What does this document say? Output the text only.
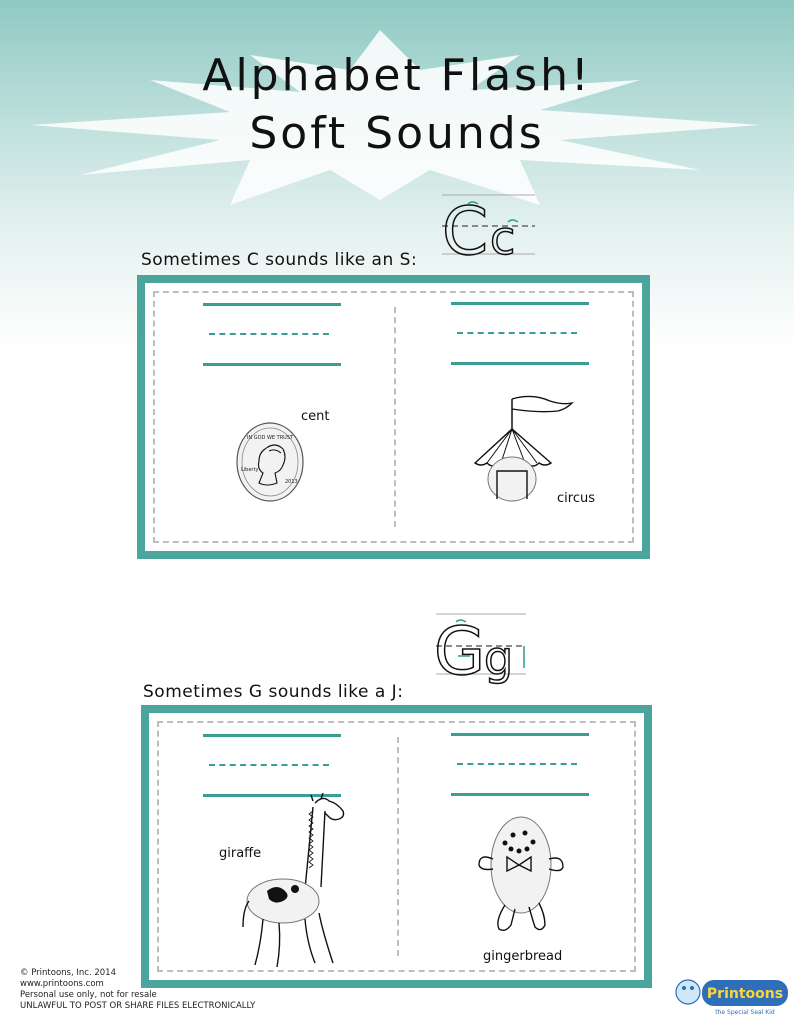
Alphabet Flash!
Soft Sounds
C c
Sometimes C sounds like an S:
cent
circus
IN GOD WE TRUST
Liberty
2013
G
g
Sometimes G sounds like a J:
giraffe
gingerbread
© Printoons, Inc. 2014
www.printoons.com
Personal use only, not for resale
UNLAWFUL TO POST OR SHARE FILES ELECTRONICALLY
Printoons
the Special Seal Kid
